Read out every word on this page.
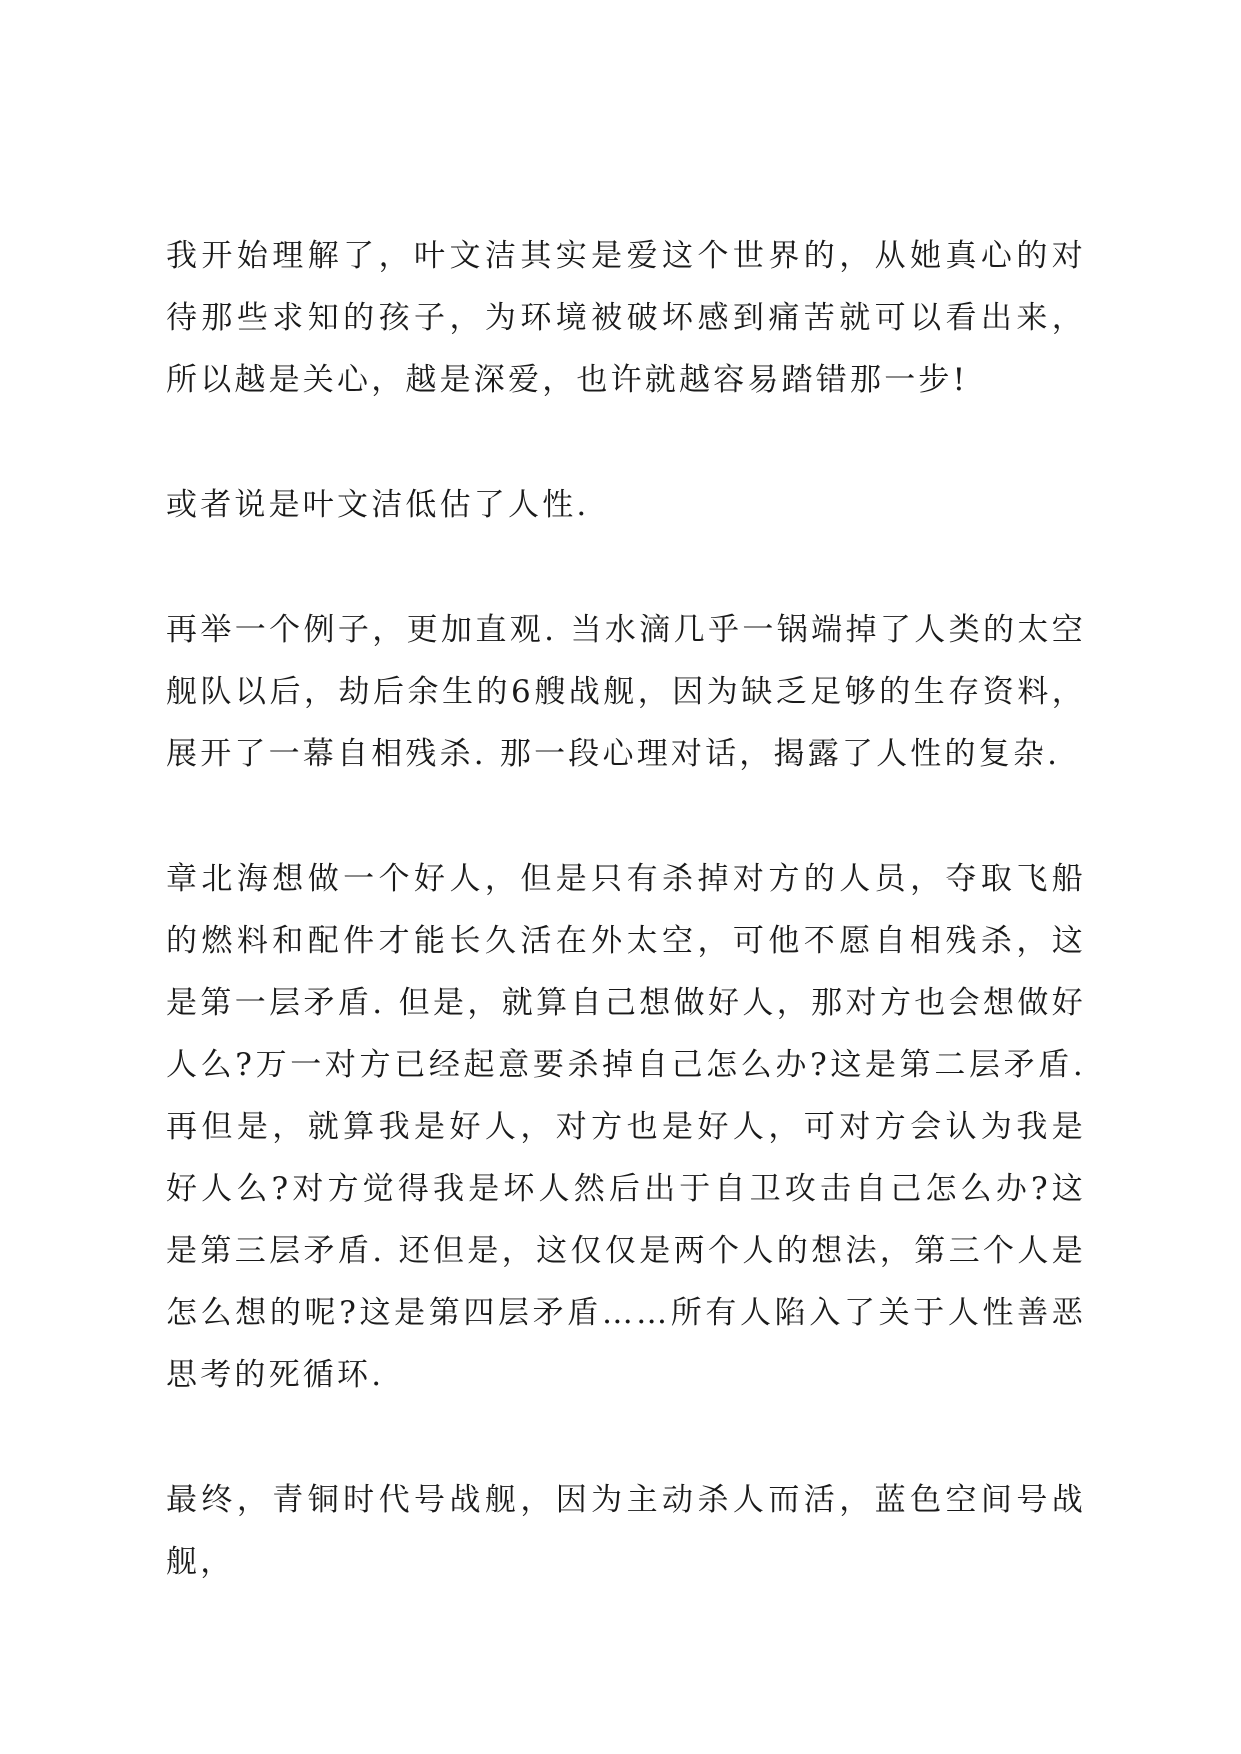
我开始理解了，叶文洁其实是爱这个世界的，从她真心的对待那些求知的孩子，为环境被破坏感到痛苦就可以看出来，所以越是关心，越是深爱，也许就越容易踏错那一步!

或者说是叶文洁低估了人性.

再举一个例子，更加直观. 当水滴几乎一锅端掉了人类的太空舰队以后，劫后余生的6艘战舰，因为缺乏足够的生存资料，展开了一幕自相残杀. 那一段心理对话，揭露了人性的复杂.

章北海想做一个好人，但是只有杀掉对方的人员，夺取飞船的燃料和配件才能长久活在外太空，可他不愿自相残杀，这是第一层矛盾. 但是，就算自己想做好人，那对方也会想做好人么?万一对方已经起意要杀掉自己怎么办?这是第二层矛盾. 再但是，就算我是好人，对方也是好人，可对方会认为我是好人么?对方觉得我是坏人然后出于自卫攻击自己怎么办?这是第三层矛盾. 还但是，这仅仅是两个人的想法，第三个人是怎么想的呢?这是第四层矛盾……所有人陷入了关于人性善恶思考的死循环.

最终，青铜时代号战舰，因为主动杀人而活，蓝色空间号战舰，
